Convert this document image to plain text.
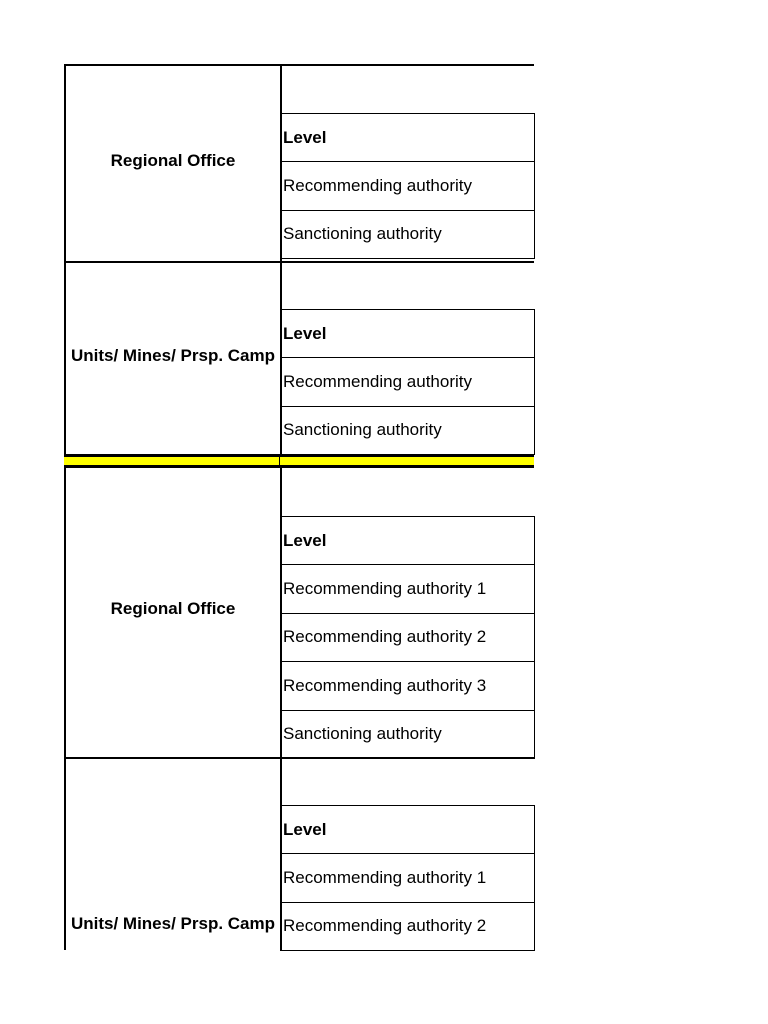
Regional Office
Level
Recommending authority
Sanctioning authority
Units/ Mines/ Prsp. Camp
Level
Recommending authority
Sanctioning authority
Regional Office
Level
Recommending authority 1
Recommending authority 2
Recommending authority 3
Sanctioning authority
Units/ Mines/ Prsp. Camp
Level
Recommending authority 1
Recommending authority 2
